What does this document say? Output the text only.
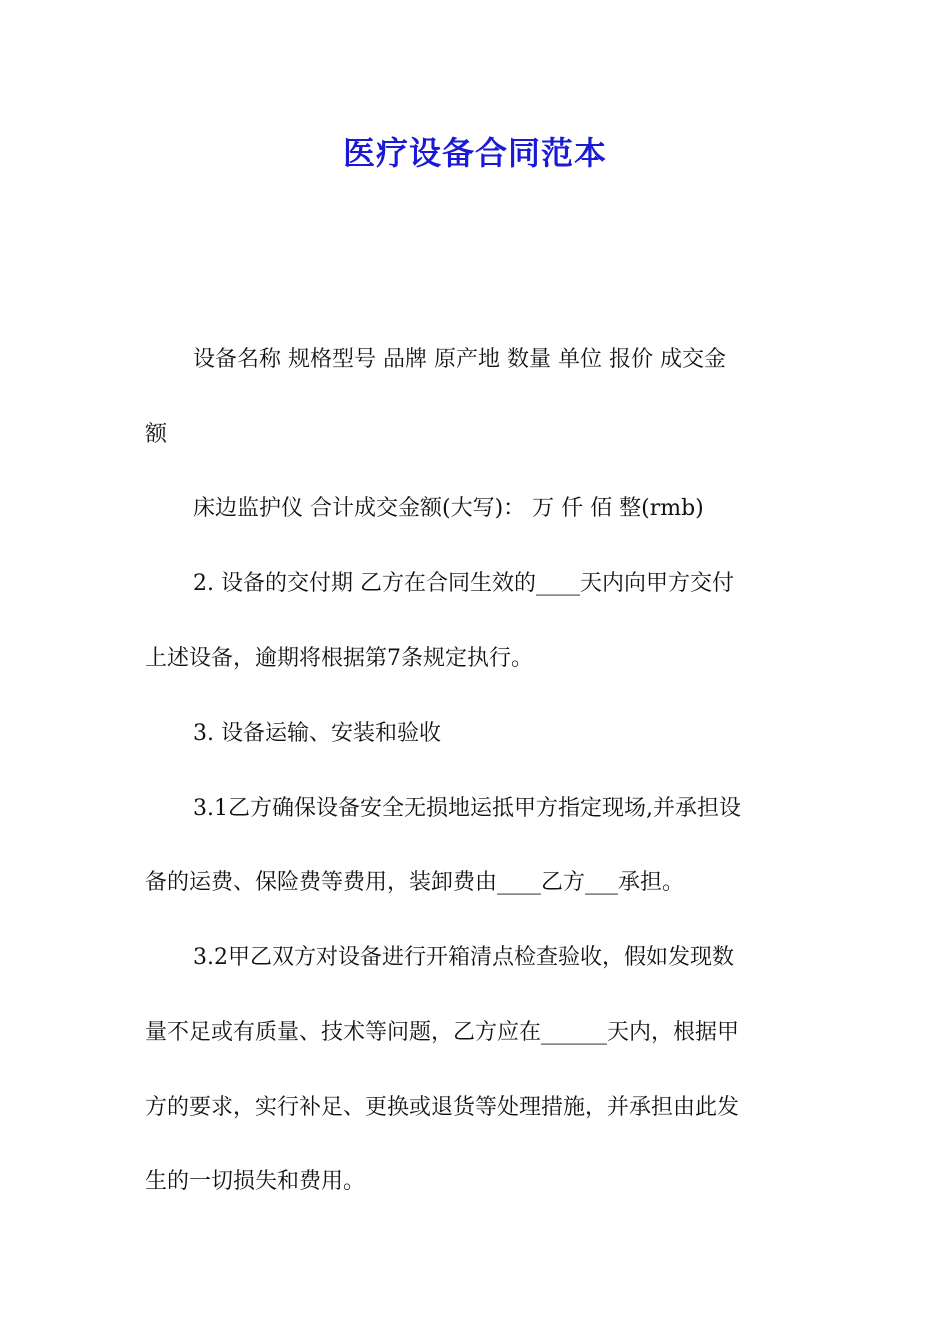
医疗设备合同范本

设备名称 规格型号 品牌 原产地 数量 单位 报价 成交金

额

床边监护仪 合计成交金额(大写)： 万 仟 佰 整(rmb)

2. 设备的交付期 乙方在合同生效的____天内向甲方交付

上述设备，逾期将根据第7条规定执行。

3. 设备运输、安装和验收

3.1乙方确保设备安全无损地运抵甲方指定现场,并承担设

备的运费、保险费等费用，装卸费由____乙方___承担。

3.2甲乙双方对设备进行开箱清点检查验收，假如发现数

量不足或有质量、技术等问题，乙方应在______天内，根据甲

方的要求，实行补足、更换或退货等处理措施，并承担由此发

生的一切损失和费用。
